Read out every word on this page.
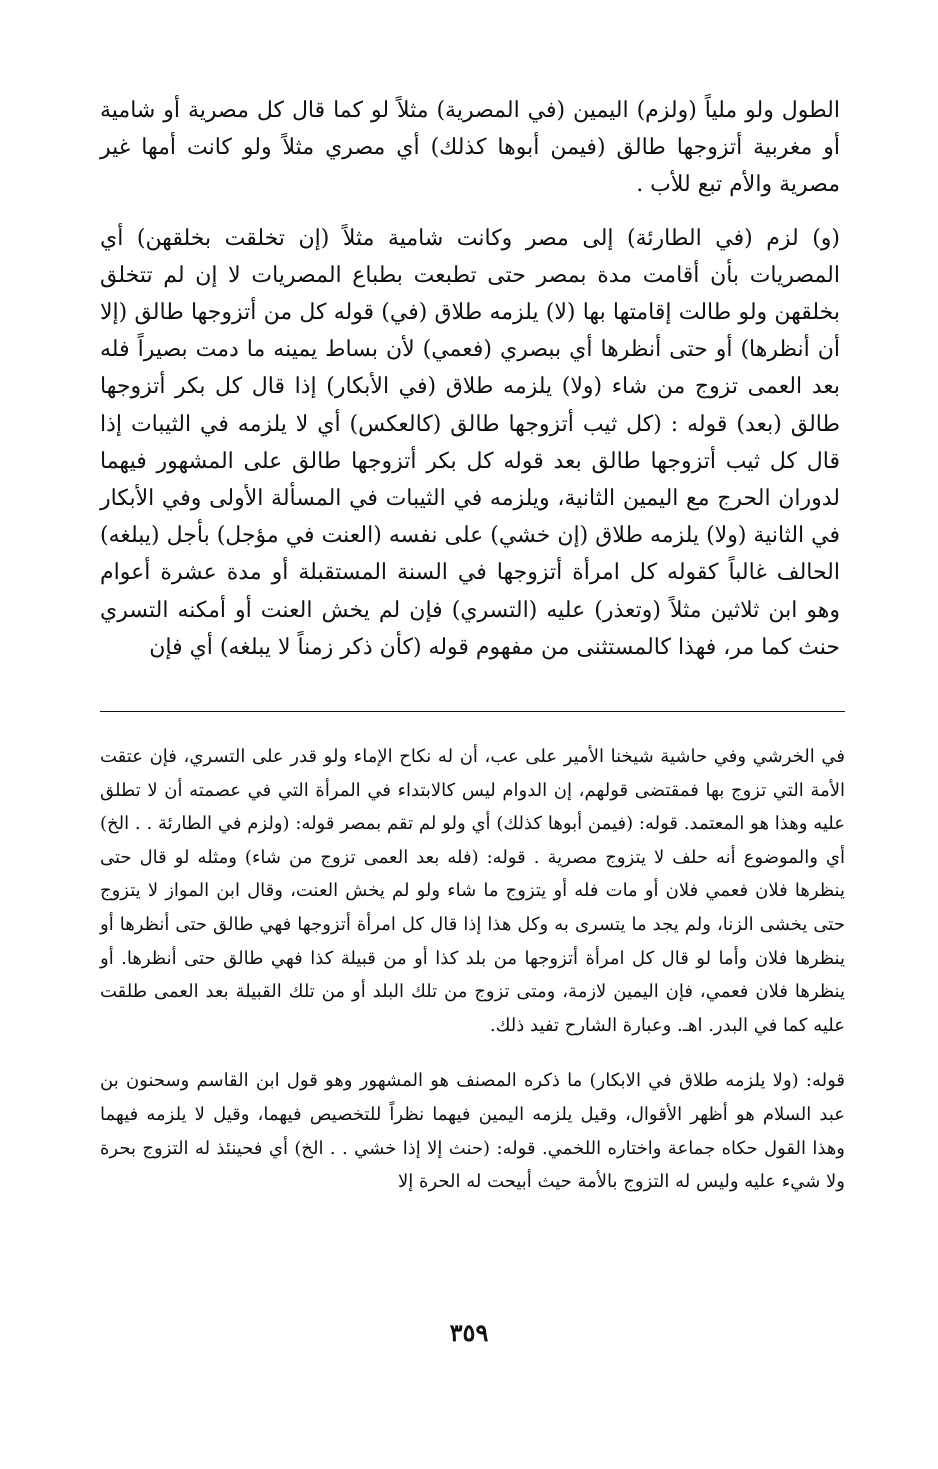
الطول ولو ملياً (ولزم) اليمين (في المصرية) مثلاً لو كما قال كل مصرية أو شامية أو مغربية أتزوجها طالق (فيمن أبوها كذلك) أي مصري مثلاً ولو كانت أمها غير مصرية والأم تبع للأب .

(و) لزم (في الطارئة) إلى مصر وكانت شامية مثلاً (إن تخلقت بخلقهن) أي المصريات بأن أقامت مدة بمصر حتى تطبعت بطباع المصريات لا إن لم تتخلق بخلقهن ولو طالت إقامتها بها (لا) يلزمه طلاق (في) قوله كل من أتزوجها طالق (إلا أن أنظرها) أو حتى أنظرها أي ببصري (فعمي) لأن بساط يمينه ما دمت بصيراً فله بعد العمى تزوج من شاء (ولا) يلزمه طلاق (في الأبكار) إذا قال كل بكر أتزوجها طالق (بعد) قوله : (كل ثيب أتزوجها طالق (كالعكس) أي لا يلزمه في الثيبات إذا قال كل ثيب أتزوجها طالق بعد قوله كل بكر أتزوجها طالق على المشهور فيهما لدوران الحرج مع اليمين الثانية، ويلزمه في الثيبات في المسألة الأولى وفي الأبكار في الثانية (ولا) يلزمه طلاق (إن خشي) على نفسه (العنت في مؤجل) بأجل (يبلغه) الحالف غالباً كقوله كل امرأة أتزوجها في السنة المستقبلة أو مدة عشرة أعوام وهو ابن ثلاثين مثلاً (وتعذر) عليه (التسري) فإن لم يخش العنت أو أمكنه التسري حنث كما مر، فهذا كالمستثنى من مفهوم قوله (كأن ذكر زمناً لا يبلغه) أي فإن

في الخرشي وفي حاشية شيخنا الأمير على عب، أن له نكاح الإماء ولو قدر على التسري، فإن عتقت الأمة التي تزوج بها فمقتضى قولهم، إن الدوام ليس كالابتداء في المرأة التي في عصمته أن لا تطلق عليه وهذا هو المعتمد. قوله: (فيمن أبوها كذلك) أي ولو لم تقم بمصر قوله: (ولزم في الطارئة . . الخ) أي والموضوع أنه حلف لا يتزوج مصرية . قوله: (فله بعد العمى تزوج من شاء) ومثله لو قال حتى ينظرها فلان فعمي فلان أو مات فله أو يتزوج ما شاء ولو لم يخش العنت، وقال ابن المواز لا يتزوج حتى يخشى الزنا، ولم يجد ما يتسرى به وكل هذا إذا قال كل امرأة أتزوجها فهي طالق حتى أنظرها أو ينظرها فلان وأما لو قال كل امرأة أتزوجها من بلد كذا أو من قبيلة كذا فهي طالق حتى أنظرها. أو ينظرها فلان فعمي، فإن اليمين لازمة، ومتى تزوج من تلك البلد أو من تلك القبيلة بعد العمى طلقت عليه كما في البدر. اهـ. وعبارة الشارح تفيد ذلك.

قوله: (ولا يلزمه طلاق في الابكار) ما ذكره المصنف هو المشهور وهو قول ابن القاسم وسحنون بن عبد السلام هو أظهر الأقوال، وقيل يلزمه اليمين فيهما نظراً للتخصيص فيهما، وقيل لا يلزمه فيهما وهذا القول حكاه جماعة واختاره اللخمي. قوله: (حنث إلا إذا خشي . . الخ) أي فحينئذ له التزوج بحرة ولا شيء عليه وليس له التزوج بالأمة حيث أبيحت له الحرة إلا

٣٥٩
